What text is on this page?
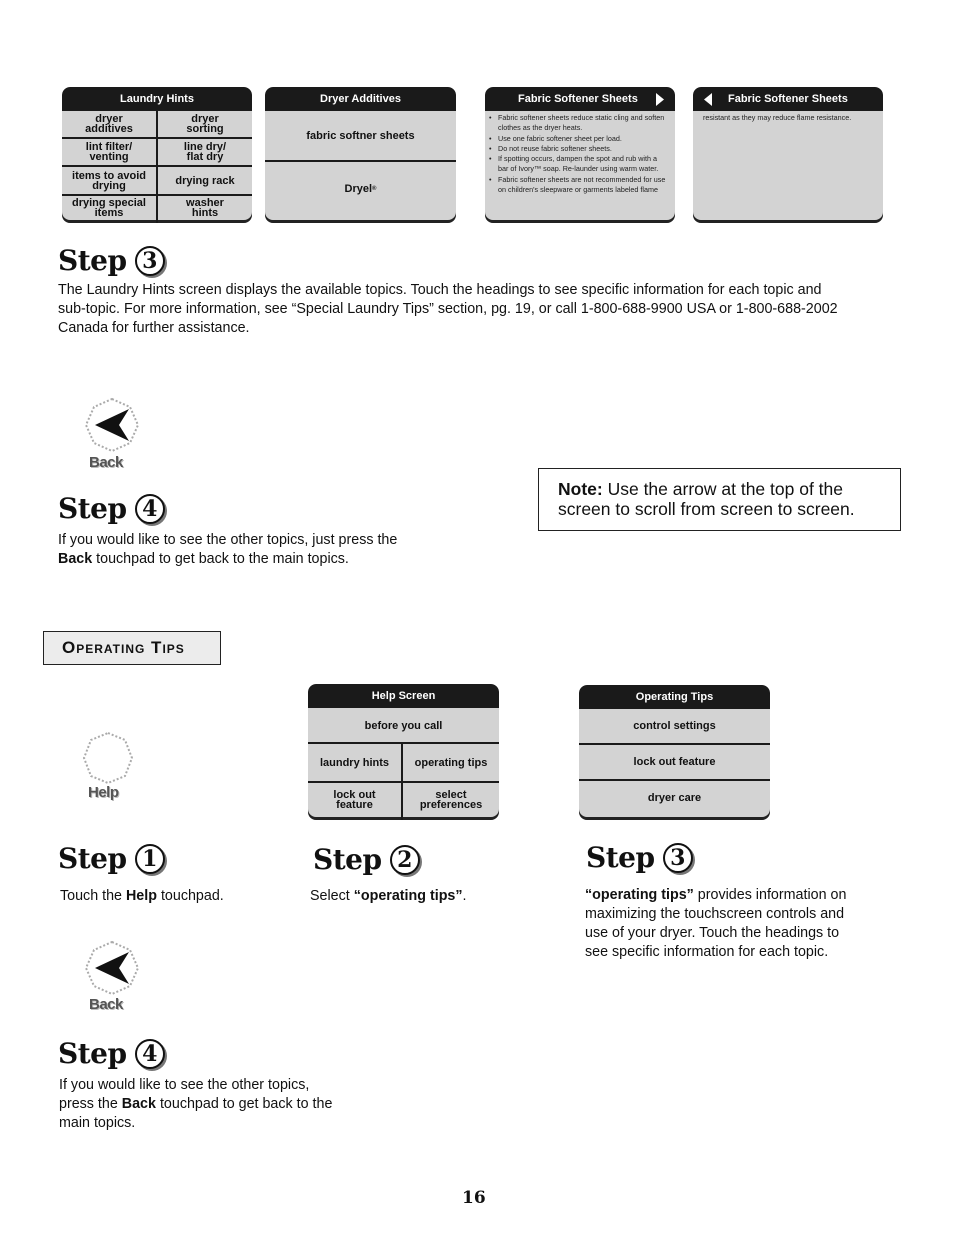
Laundry Hints
dryer additives
dryer sorting
lint filter/ venting
line dry/ flat dry
items to avoid drying	drying rack
drying special items
washer hints
Dryer Additives
fabric softner sheets
Dryel ®
Fabric Softener Sheets
• Fabric softener sheets reduce static cling and soften clothes as the dryer heats.
• Use one fabric softener sheet per load.
• Do not reuse fabric softener sheets.
• If spotting occurs, dampen the spot and rub with a bar of Ivory™ soap. Re-launder using warm water.
• Fabric softener sheets are not recommended for use on children's sleepware or garments labeled flame
Fabric Softener Sheets
resistant as they may reduce flame resistance.
Step 3
The Laundry Hints screen displays the available topics. Touch the headings to see specific information for each topic and sub-topic. For more information, see “Special Laundry Tips” section, pg. 19, or call 1-800-688-9900 USA or 1-800-688-2002 Canada for further assistance.
Back
Step 4
If you would like to see the other topics, just press the Back touchpad to get back to the main topics.
Note: Use the arrow at the top of the screen to scroll from screen to screen.
Operating Tips
Help
Help Screen
before you call
laundry hints	operating tips
lock out feature
select preferences
Operating Tips
control settings
lock out feature
dryer care
Step 1
Touch the Help touchpad.
Step 2
Select “operating tips”.
Step 3
“operating tips” provides information on maximizing the touchscreen controls and use of your dryer. Touch the headings to see specific information for each topic.
Back
Step 4
If you would like to see the other topics, press the Back touchpad to get back to the main topics.
16
